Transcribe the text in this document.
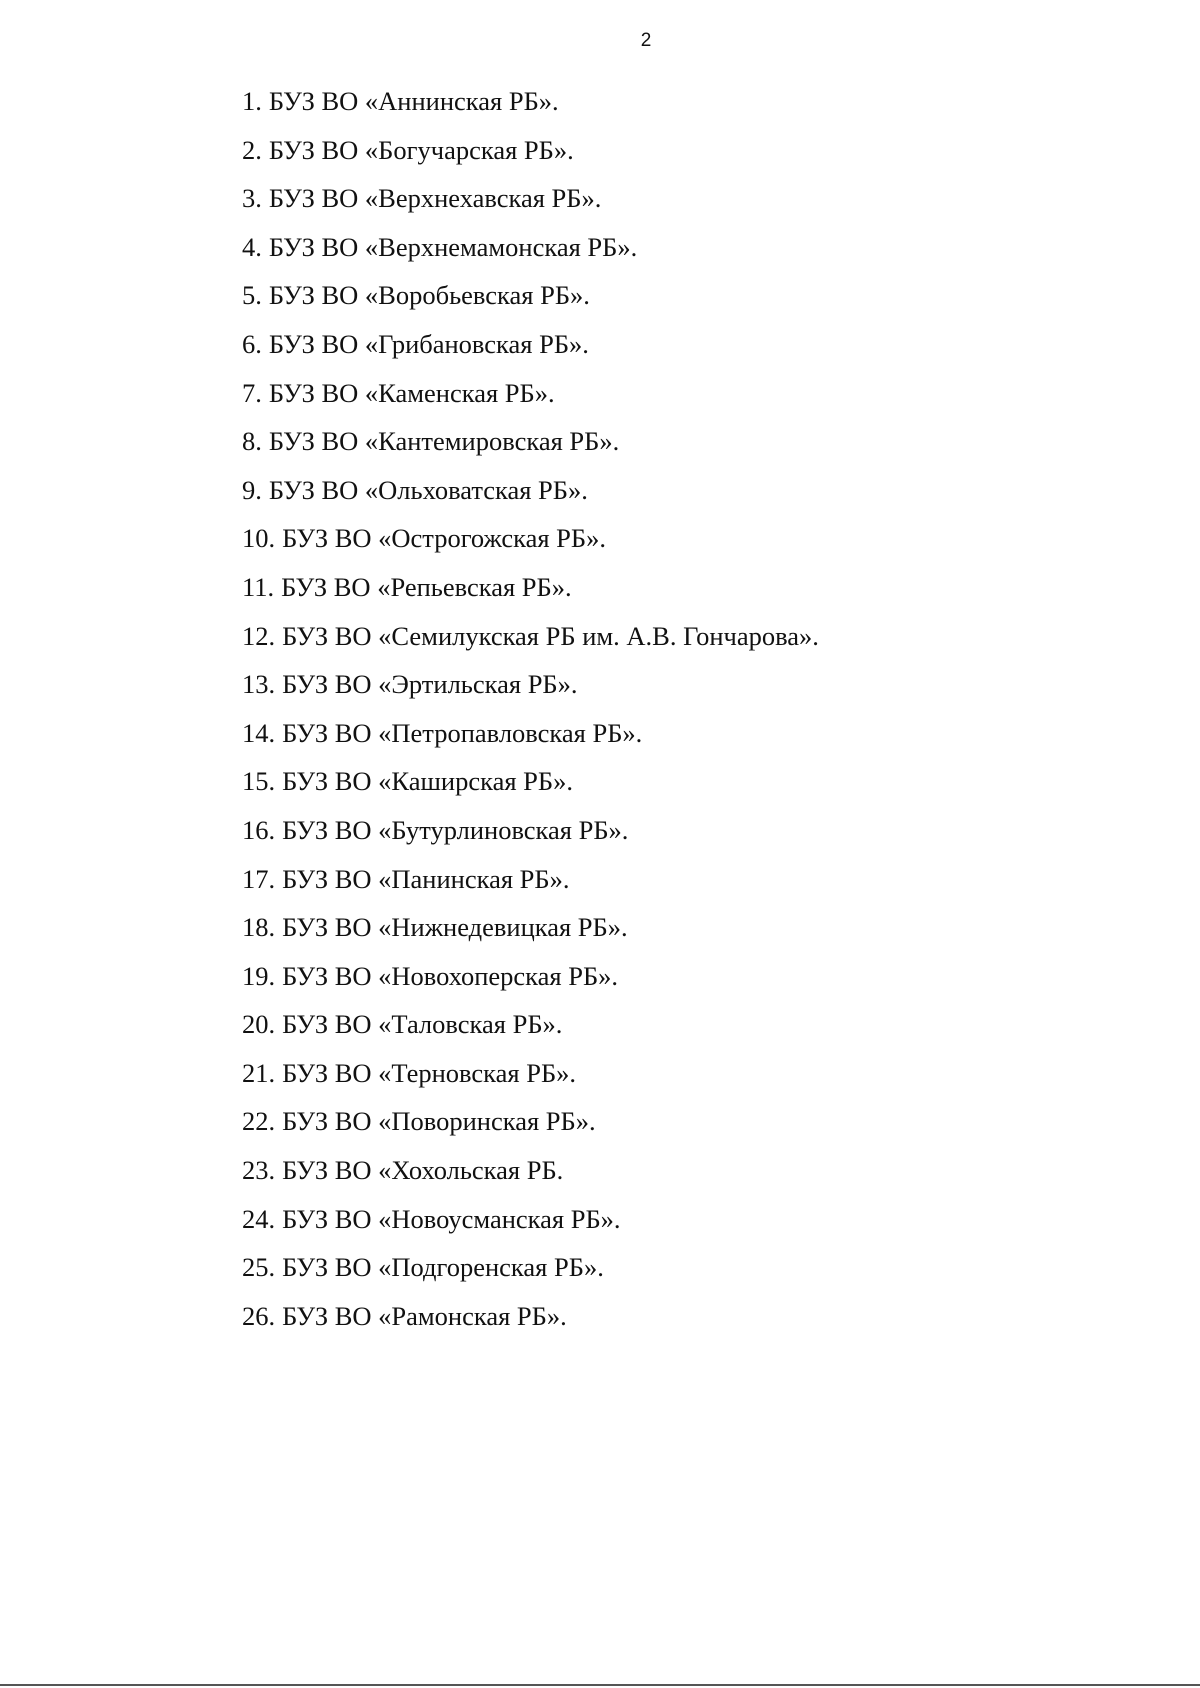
2
1. БУЗ ВО «Аннинская РБ».
2. БУЗ ВО «Богучарская РБ».
3. БУЗ ВО «Верхнехавская РБ».
4. БУЗ ВО «Верхнемамонская РБ».
5. БУЗ ВО «Воробьевская РБ».
6. БУЗ ВО «Грибановская РБ».
7. БУЗ ВО «Каменская РБ».
8. БУЗ ВО «Кантемировская РБ».
9. БУЗ ВО «Ольховатская РБ».
10. БУЗ ВО «Острогожская РБ».
11. БУЗ ВО «Репьевская РБ».
12. БУЗ ВО «Семилукская РБ им. А.В. Гончарова».
13. БУЗ ВО «Эртильская РБ».
14. БУЗ ВО «Петропавловская РБ».
15. БУЗ ВО «Каширская РБ».
16. БУЗ ВО «Бутурлиновская РБ».
17. БУЗ ВО «Панинская РБ».
18. БУЗ ВО «Нижнедевицкая РБ».
19. БУЗ ВО «Новохоперская РБ».
20. БУЗ ВО «Таловская РБ».
21. БУЗ ВО «Терновская РБ».
22. БУЗ ВО «Поворинская РБ».
23. БУЗ ВО «Хохольская РБ.
24. БУЗ ВО «Новоусманская РБ».
25. БУЗ ВО «Подгоренская РБ».
26. БУЗ ВО «Рамонская РБ».
